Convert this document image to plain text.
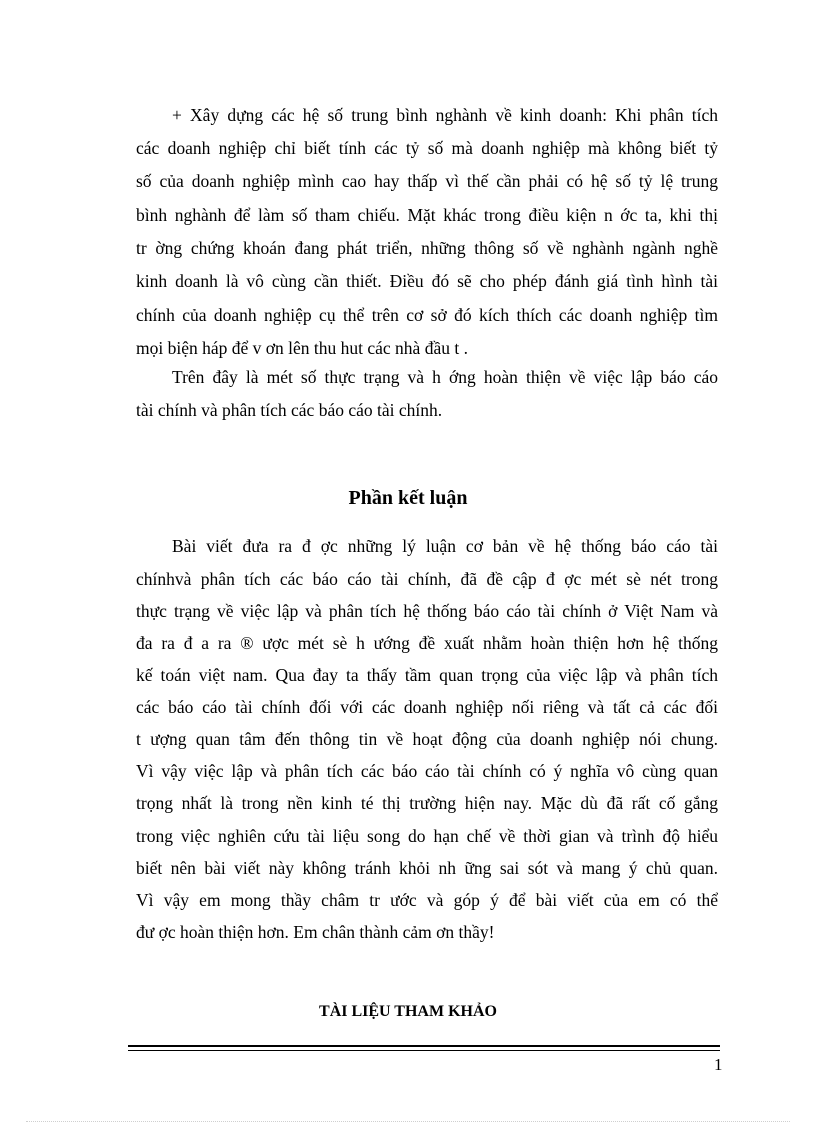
+ Xây dựng các hệ số trung bình nghành về kinh doanh: Khi phân tích
các doanh nghiệp chỉ biết tính các tỷ số mà doanh nghiệp mà không biết tỷ
số của doanh nghiệp mình cao hay thấp vì thế cần phải có hệ số tỷ lệ trung
bình nghành để làm số tham chiếu. Mặt khác trong điều kiện n ớc ta, khi thị
tr ờng chứng khoán đang phát triển, những thông số về nghành ngành nghề
kinh doanh là vô cùng cần thiết. Điều đó sẽ cho phép đánh giá tình hình tài
chính của doanh nghiệp cụ thể trên cơ sở đó kích thích các doanh nghiệp tìm
mọi biện háp để v ơn lên thu hut các nhà đầu t .
Trên đây là mét số thực trạng và h ớng hoàn thiện về việc lập báo cáo
tài chính và phân tích các báo cáo tài chính.
Phần kết luận
Bài viết đưa ra đ ợc những lý luận cơ bản về hệ thống báo cáo tài
chínhvà phân tích các báo cáo tài chính, đã đề cập đ ợc mét sè nét trong
thực trạng về việc lập và phân tích hệ thống báo cáo tài chính ở Việt Nam và
đa ra đ a ra ® ược mét sè h ướng đề xuất nhằm hoàn thiện hơn hệ thống
kế toán việt nam. Qua đay ta thấy tầm quan trọng của việc lập và phân tích
các báo cáo tài chính đối với các doanh nghiệp nối riêng và tất cả các đối
t ượng quan tâm đến thông tin về hoạt động của doanh nghiệp nói chung.
Vì vậy việc lập và phân tích các báo cáo tài chính có ý nghĩa vô cùng quan
trọng nhất là trong nền kinh té thị trường hiện nay. Mặc dù đã rất cố gắng
trong việc nghiên cứu tài liệu song do hạn chế về thời gian và trình độ hiểu
biết nên bài viết này không tránh khỏi nh ững sai sót và mang ý chủ quan.
Vì vậy em mong thầy châm tr ước và góp ý để bài viết của em có thể
đư ợc hoàn thiện hơn. Em chân thành cảm ơn thầy!
TÀI LIỆU THAM KHẢO
1
